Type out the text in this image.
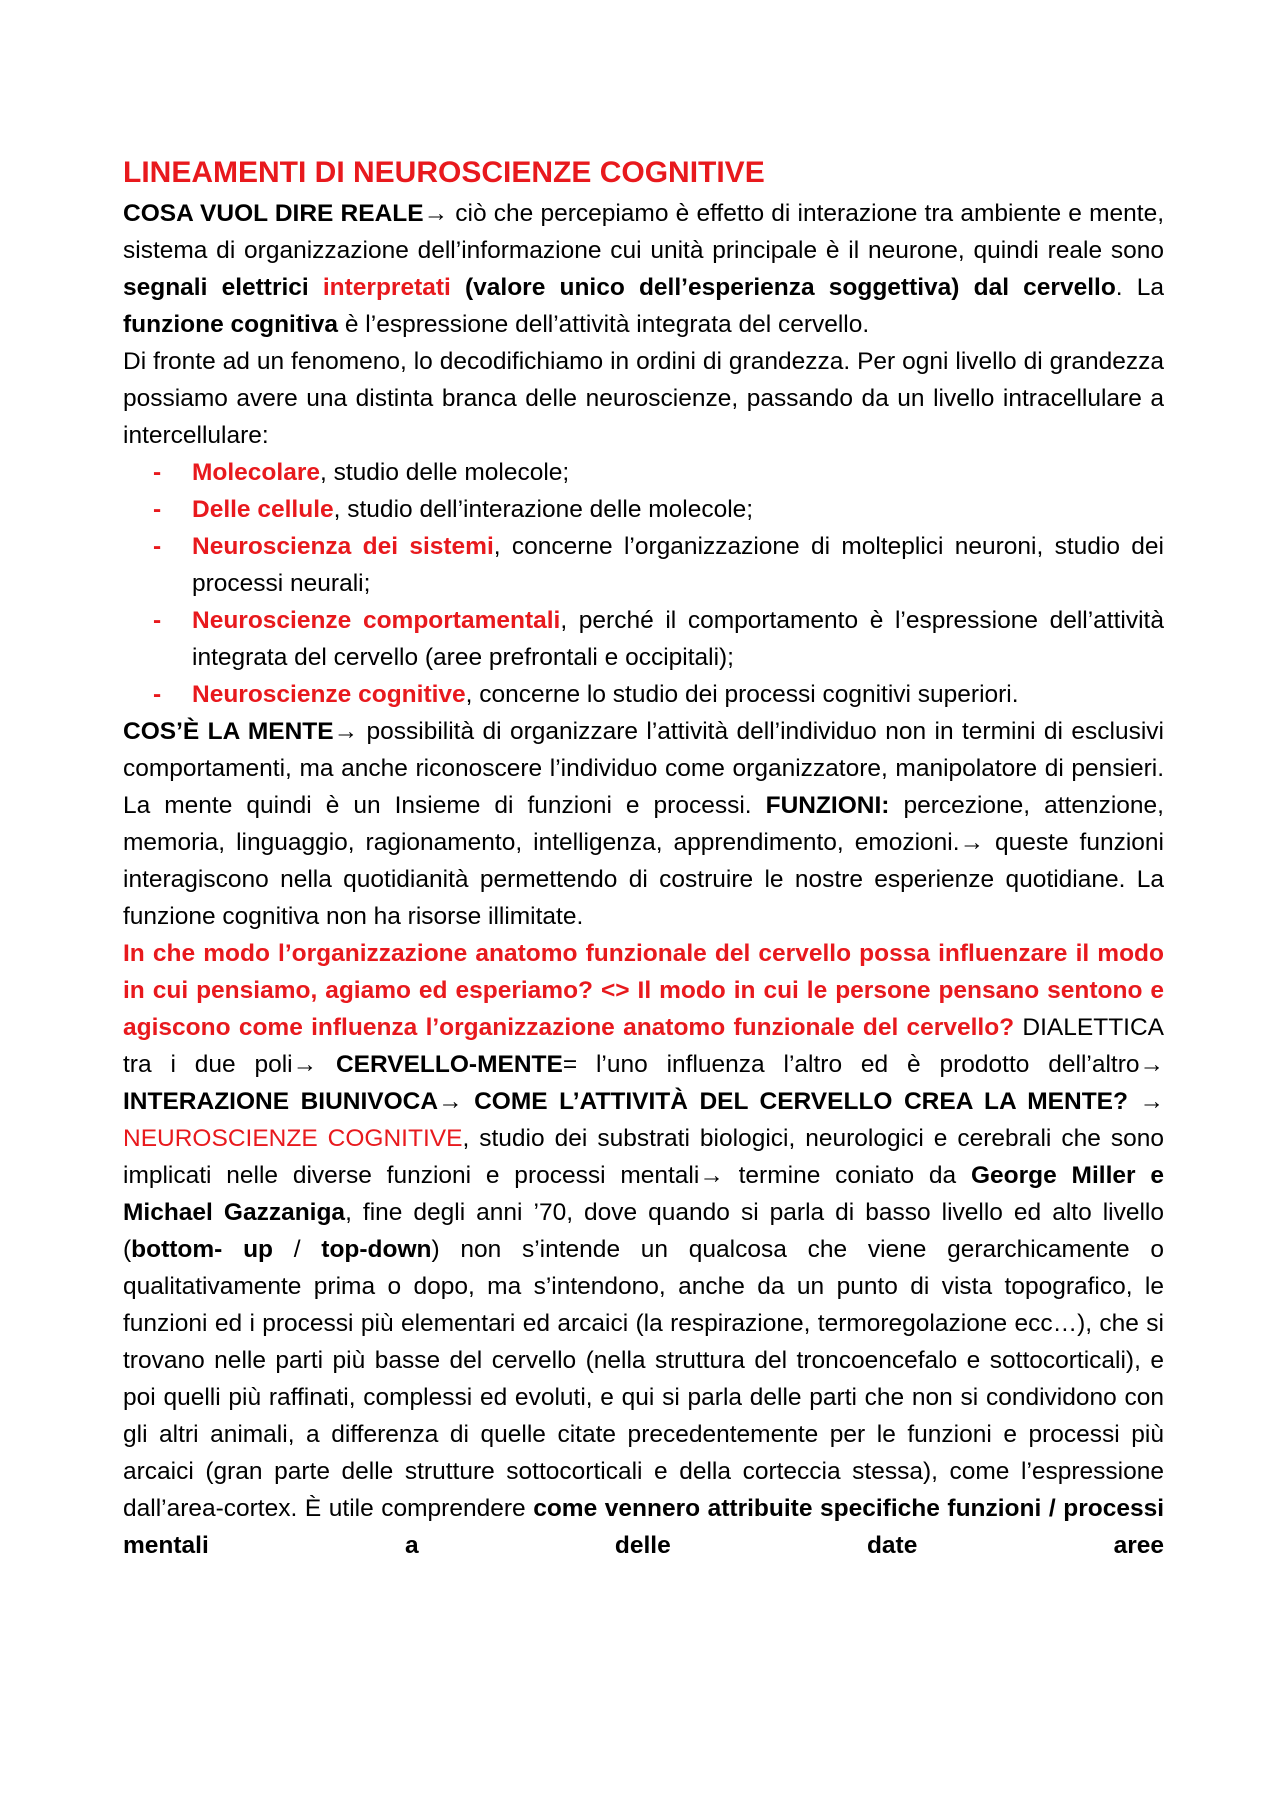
LINEAMENTI DI NEUROSCIENZE COGNITIVE

COSA VUOL DIRE REALE→ ciò che percepiamo è effetto di interazione tra ambiente e mente, sistema di organizzazione dell’informazione cui unità principale è il neurone, quindi reale sono segnali elettrici interpretati (valore unico dell’esperienza soggettiva) dal cervello. La funzione cognitiva è l’espressione dell’attività integrata del cervello.

Di fronte ad un fenomeno, lo decodifichiamo in ordini di grandezza. Per ogni livello di grandezza possiamo avere una distinta branca delle neuroscienze, passando da un livello intracellulare a intercellulare:

- Molecolare, studio delle molecole;
- Delle cellule, studio dell’interazione delle molecole;
- Neuroscienza dei sistemi, concerne l’organizzazione di molteplici neuroni, studio dei processi neurali;
- Neuroscienze comportamentali, perché il comportamento è l’espressione dell’attività integrata del cervello (aree prefrontali e occipitali);
- Neuroscienze cognitive, concerne lo studio dei processi cognitivi superiori.

COS’È LA MENTE→ possibilità di organizzare l’attività dell’individuo non in termini di esclusivi comportamenti, ma anche riconoscere l’individuo come organizzatore, manipolatore di pensieri. La mente quindi è un Insieme di funzioni e processi. FUNZIONI: percezione, attenzione, memoria, linguaggio, ragionamento, intelligenza, apprendimento, emozioni.→ queste funzioni interagiscono nella quotidianità permettendo di costruire le nostre esperienze quotidiane. La funzione cognitiva non ha risorse illimitate.

In che modo l’organizzazione anatomo funzionale del cervello possa influenzare il modo in cui pensiamo, agiamo ed esperiamo? <> Il modo in cui le persone pensano sentono e agiscono come influenza l’organizzazione anatomo funzionale del cervello? DIALETTICA tra i due poli→ CERVELLO-MENTE= l’uno influenza l’altro ed è prodotto dell’altro→ INTERAZIONE BIUNIVOCA→ COME L’ATTIVITÀ DEL CERVELLO CREA LA MENTE? → NEUROSCIENZE COGNITIVE, studio dei substrati biologici, neurologici e cerebrali che sono implicati nelle diverse funzioni e processi mentali→ termine coniato da George Miller e Michael Gazzaniga, fine degli anni ’70, dove quando si parla di basso livello ed alto livello (bottom- up / top-down) non s’intende un qualcosa che viene gerarchicamente o qualitativamente prima o dopo, ma s’intendono, anche da un punto di vista topografico, le funzioni ed i processi più elementari ed arcaici (la respirazione, termoregolazione ecc…), che si trovano nelle parti più basse del cervello (nella struttura del troncoencefalo e sottocorticali), e poi quelli più raffinati, complessi ed evoluti, e qui si parla delle parti che non si condividono con gli altri animali, a differenza di quelle citate precedentemente per le funzioni e processi più arcaici (gran parte delle strutture sottocorticali e della corteccia stessa), come l’espressione dall’area-cortex. È utile comprendere come vennero attribuite specifiche funzioni / processi mentali a delle date aree
